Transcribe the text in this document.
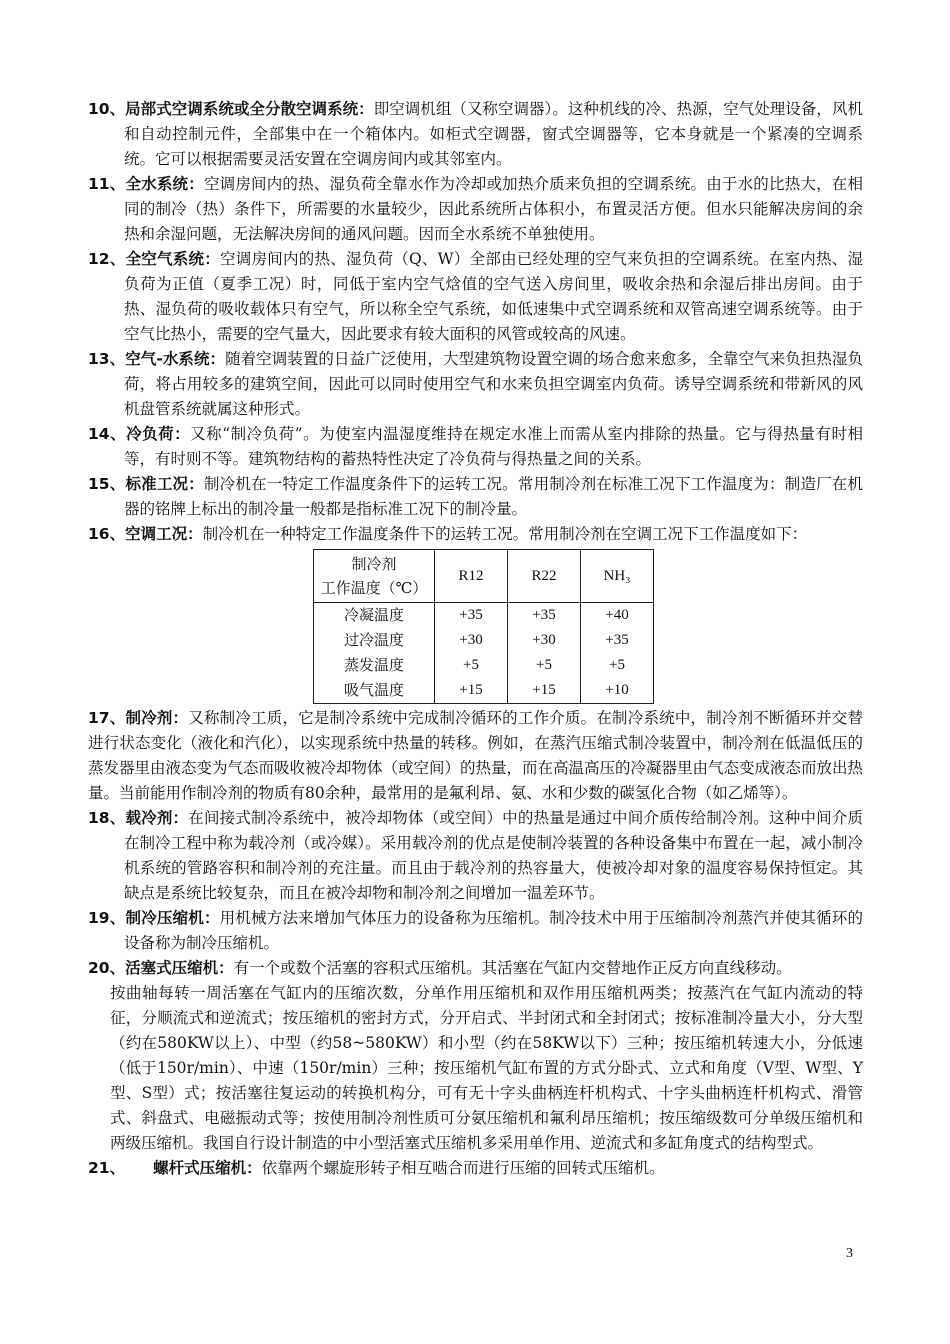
10、局部式空调系统或全分散空调系统：即空调机组（又称空调器）。这种机线的冷、热源，空气处理设备，风机和自动控制元件，全部集中在一个箱体内。如柜式空调器，窗式空调器等，它本身就是一个紧凑的空调系统。它可以根据需要灵活安置在空调房间内或其邻室内。

11、全水系统：空调房间内的热、湿负荷全靠水作为冷却或加热介质来负担的空调系统。由于水的比热大，在相同的制冷（热）条件下，所需要的水量较少，因此系统所占体积小，布置灵活方便。但水只能解决房间的余热和余湿问题，无法解决房间的通风问题。因而全水系统不单独使用。

12、全空气系统：空调房间内的热、湿负荷（Q、W）全部由已经处理的空气来负担的空调系统。在室内热、湿负荷为正值（夏季工况）时，同低于室内空气焓值的空气送入房间里，吸收余热和余湿后排出房间。由于热、湿负荷的吸收载体只有空气，所以称全空气系统，如低速集中式空调系统和双管高速空调系统等。由于空气比热小，需要的空气量大，因此要求有较大面积的风管或较高的风速。

13、空气-水系统：随着空调装置的日益广泛使用，大型建筑物设置空调的场合愈来愈多，全靠空气来负担热湿负荷，将占用较多的建筑空间，因此可以同时使用空气和水来负担空调室内负荷。诱导空调系统和带新风的风机盘管系统就属这种形式。

14、冷负荷：又称“制冷负荷”。为使室内温湿度维持在规定水准上而需从室内排除的热量。它与得热量有时相等，有时则不等。建筑物结构的蓄热特性决定了冷负荷与得热量之间的关系。

15、标准工况：制冷机在一特定工作温度条件下的运转工况。常用制冷剂在标准工况下工作温度为：制造厂在机器的铭牌上标出的制冷量一般都是指标准工况下的制冷量。

16、空调工况：制冷机在一种特定工作温度条件下的运转工况。常用制冷剂在空调工况下工作温度如下：

制冷剂
工作温度（℃）	R12	R22	NH₃
冷凝温度	+35	+35	+40
过冷温度	+30	+30	+35
蒸发温度	+5	+5	+5
吸气温度	+15	+15	+10

17、制冷剂：又称制冷工质，它是制冷系统中完成制冷循环的工作介质。在制冷系统中，制冷剂不断循环并交替进行状态变化（液化和汽化），以实现系统中热量的转移。例如，在蒸汽压缩式制冷装置中，制冷剂在低温低压的蒸发器里由液态变为气态而吸收被冷却物体（或空间）的热量，而在高温高压的冷凝器里由气态变成液态而放出热量。当前能用作制冷剂的物质有80余种，最常用的是氟利昂、氨、水和少数的碳氢化合物（如乙烯等）。

18、载冷剂：在间接式制冷系统中，被冷却物体（或空间）中的热量是通过中间介质传给制冷剂。这种中间介质在制冷工程中称为载冷剂（或冷媒）。采用载冷剂的优点是使制冷装置的各种设备集中布置在一起，减小制冷机系统的管路容积和制冷剂的充注量。而且由于载冷剂的热容量大，使被冷却对象的温度容易保持恒定。其缺点是系统比较复杂，而且在被冷却物和制冷剂之间增加一温差环节。

19、制冷压缩机：用机械方法来增加气体压力的设备称为压缩机。制冷技术中用于压缩制冷剂蒸汽并使其循环的设备称为制冷压缩机。

20、活塞式压缩机：有一个或数个活塞的容积式压缩机。其活塞在气缸内交替地作正反方向直线移动。
按曲轴每转一周活塞在气缸内的压缩次数，分单作用压缩机和双作用压缩机两类；按蒸汽在气缸内流动的特征，分顺流式和逆流式；按压缩机的密封方式，分开启式、半封闭式和全封闭式；按标准制冷量大小，分大型（约在580KW以上）、中型（约58~580KW）和小型（约在58KW以下）三种；按压缩机转速大小，分低速（低于150r/min）、中速（150r/min）三种；按压缩机气缸布置的方式分卧式、立式和角度（V型、W型、Y型、S型）式；按活塞往复运动的转换机构分，可有无十字头曲柄连杆机构式、十字头曲柄连杆机构式、滑管式、斜盘式、电磁振动式等；按使用制冷剂性质可分氨压缩机和氟利昂压缩机；按压缩级数可分单级压缩机和两级压缩机。我国自行设计制造的中小型活塞式压缩机多采用单作用、逆流式和多缸角度式的结构型式。

21、 螺杆式压缩机：依靠两个螺旋形转子相互啮合而进行压缩的回转式压缩机。

3
